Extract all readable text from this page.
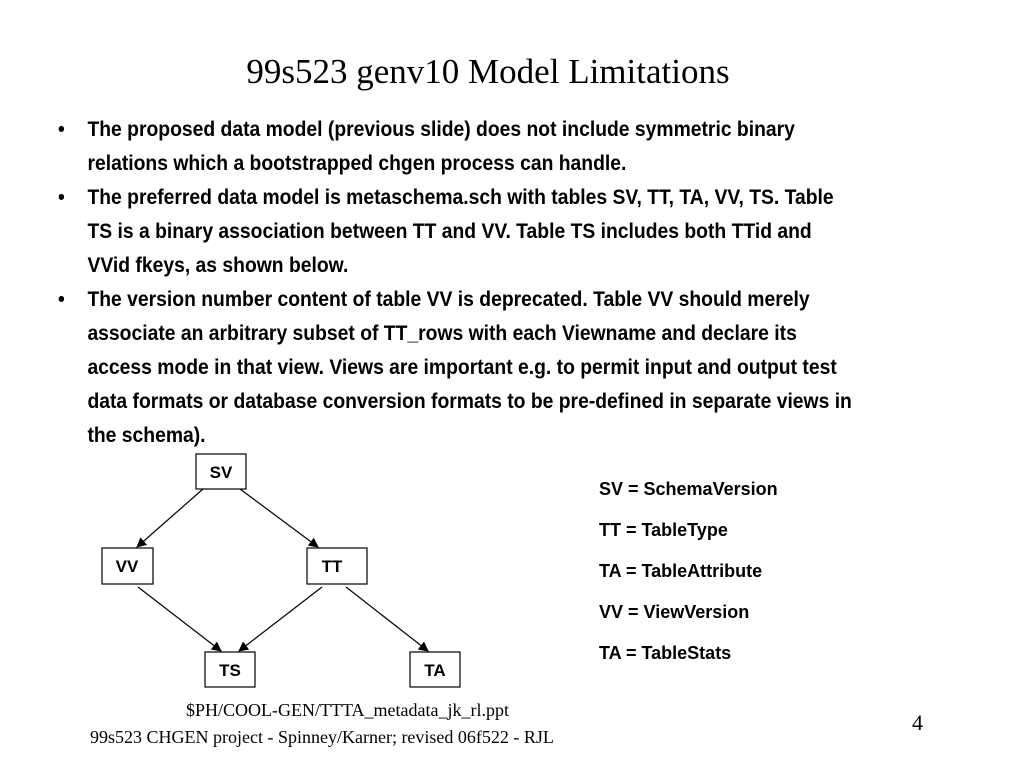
99s523 genv10 Model Limitations
• The proposed data model (previous slide) does not include symmetric binary relations which a bootstrapped chgen process can handle.
• The preferred data model is metaschema.sch with tables SV, TT, TA, VV, TS. Table TS is a binary association between TT and VV. Table TS includes both TTid and VVid fkeys, as shown below.
• The version number content of table VV is deprecated. Table VV should merely associate an arbitrary subset of TT_rows with each Viewname and declare its access mode in that view. Views are important e.g. to permit input and output test data formats or database conversion formats to be pre-defined in separate views in the schema).
SV
VV	TT
TS	TA
SV = SchemaVersion
TT = TableType
TA = TableAttribute
VV = ViewVersion
TA = TableStats
$PH/COOL-GEN/TTTA_metadata_jk_rl.ppt
99s523 CHGEN project - Spinney/Karner; revised 06f522 - RJL
4
